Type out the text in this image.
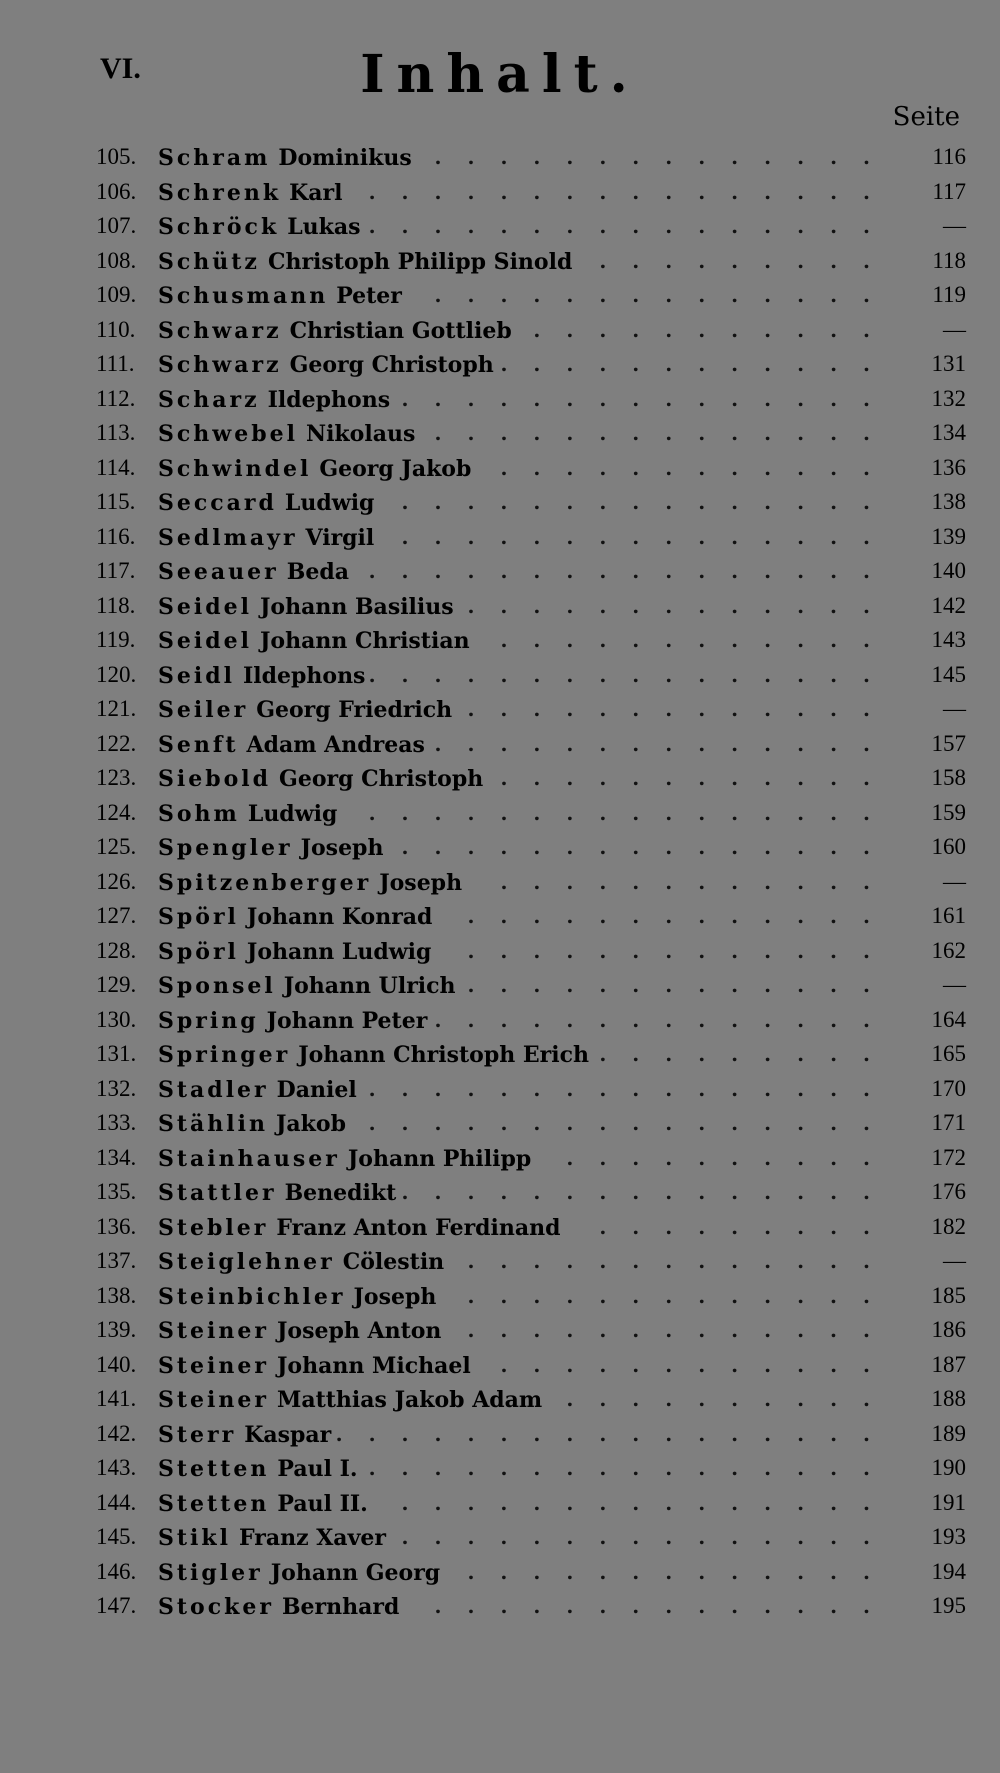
VI.	Inhalt.
Seite
105. Schram Dominikus ..............	116
106. Schrenk Karl ................	117
107. Schröck Lukas ................	—
108. Schütz Christoph Philipp Sinold .........	118
109. Schusmann Peter ..............	119
110.	Schwarz Christian Gottlieb ...........	—
111.	Schwarz Georg Christoph ............	131
112.	Scharz Ildephons ...............	132
113.	Schwebel Nikolaus ..............	134
114.	Schwindel Georg Jakob ............	136
115.	Seccard Ludwig ...............	138
116.	Sedlmayr Virgil ...............	139
117.	Seeauer Beda ................	140
118.	Seidel Johann Basilius .............	142
119.	Seidel Johann Christian ............	143
120. Seidl Ildephons ................	145
121. Seiler Georg Friedrich .............	—
122. Senft Adam Andreas ..............	157
123. Siebold Georg Christoph ............	158
124. Sohm Ludwig ................	159
125. Spengler Joseph ...............	160
126. Spitzenberger Joseph ............	—
127. Spörl Johann Konrad .............	161
128. Spörl Johann Ludwig .............	162
129. Sponsel Johann Ulrich .............	—
130. Spring Johann Peter ..............	164
131. Springer Johann Christoph Erich .........	165
132. Stadler Daniel ................	170
133. Stählin Jakob ................	171
134. Stainhauser Johann Philipp ..........	172
135. Stattler Benedikt ...............	176
136. Stebler Franz Anton Ferdinand .........	182
137. Steiglehner Cölestin .............	—
138. Steinbichler Joseph .............	185
139. Steiner Joseph Anton .............	186
140. Steiner Johann Michael ............	187
141. Steiner Matthias Jakob Adam ..........	188
142. Sterr Kaspar .................	189
143. Stetten Paul I. ................	190
144. Stetten Paul II. ...............	191
145. Stikl Franz Xaver ...............	193
146. Stigler Johann Georg .............	194
147. Stocker Bernhard ..............	195
